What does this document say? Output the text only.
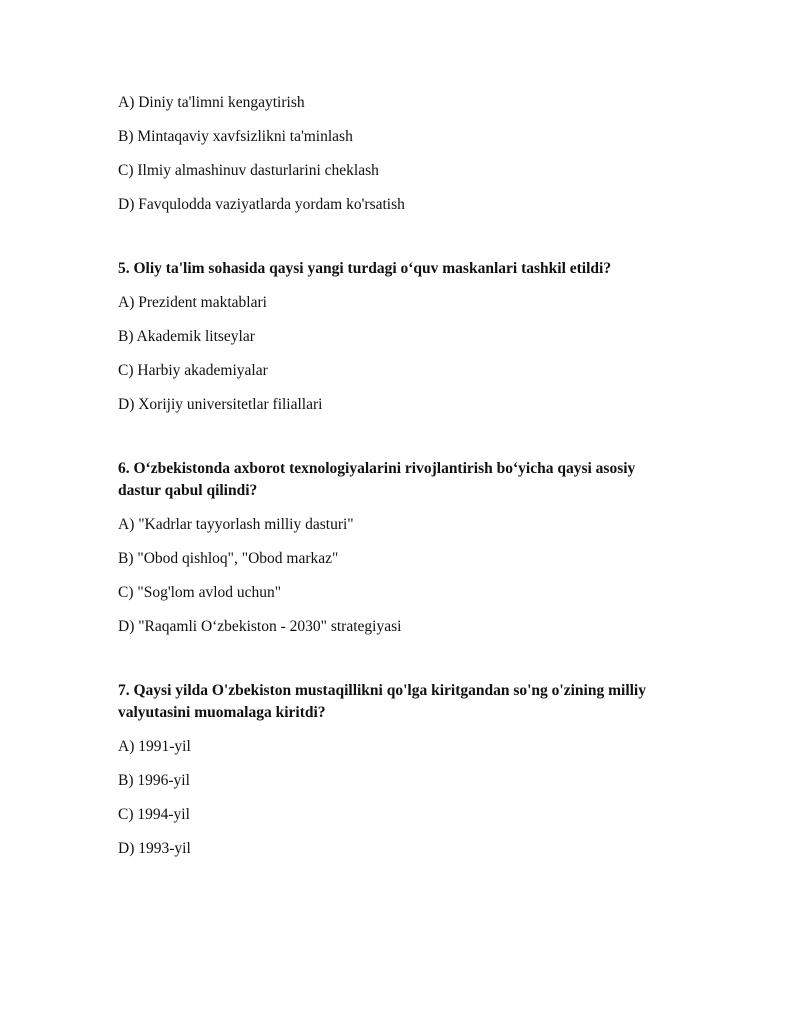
A) Diniy ta'limni kengaytirish
B) Mintaqaviy xavfsizlikni ta'minlash
C) Ilmiy almashinuv dasturlarini cheklash
D) Favqulodda vaziyatlarda yordam ko'rsatish
5. Oliy ta'lim sohasida qaysi yangi turdagi o‘quv maskanlari tashkil etildi?
A) Prezident maktablari
B) Akademik litseylar
C) Harbiy akademiyalar
D) Xorijiy universitetlar filiallari
6. O‘zbekistonda axborot texnologiyalarini rivojlantirish bo‘yicha qaysi asosiy dastur qabul qilindi?
A) "Kadrlar tayyorlash milliy dasturi"
B) "Obod qishloq", "Obod markaz"
C) "Sog'lom avlod uchun"
D) "Raqamli O‘zbekiston - 2030" strategiyasi
7. Qaysi yilda O'zbekiston mustaqillikni qo'lga kiritgandan so'ng o'zining milliy valyutasini muomalaga kiritdi?
A) 1991-yil
B) 1996-yil
C) 1994-yil
D) 1993-yil
